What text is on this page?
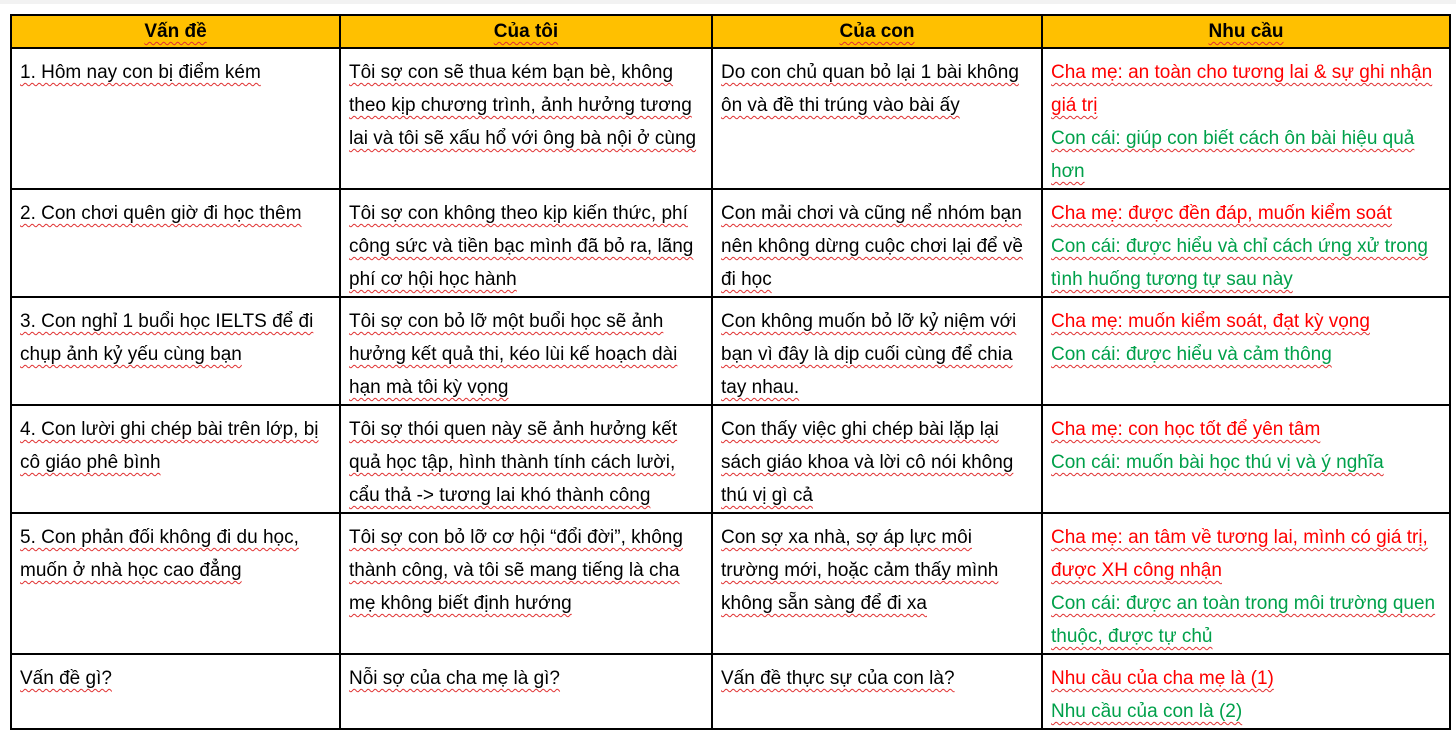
Vấn đề	Của tôi	Của con	Nhu cầu

1. Hôm nay con bị điểm kém	Tôi sợ con sẽ thua kém bạn bè, không theo kịp chương trình, ảnh hưởng tương lai và tôi sẽ xấu hổ với ông bà nội ở cùng	Do con chủ quan bỏ lại 1 bài không ôn và đề thi trúng vào bài ấy	Cha mẹ: an toàn cho tương lai & sự ghi nhận giá trị
Con cái: giúp con biết cách ôn bài hiệu quả hơn

2. Con chơi quên giờ đi học thêm	Tôi sợ con không theo kịp kiến thức, phí công sức và tiền bạc mình đã bỏ ra, lãng phí cơ hội học hành	Con mải chơi và cũng nể nhóm bạn nên không dừng cuộc chơi lại để về đi học	Cha mẹ: được đền đáp, muốn kiểm soát
Con cái: được hiểu và chỉ cách ứng xử trong tình huống tương tự sau này

3. Con nghỉ 1 buổi học IELTS để đi chụp ảnh kỷ yếu cùng bạn	Tôi sợ con bỏ lỡ một buổi học sẽ ảnh hưởng kết quả thi, kéo lùi kế hoạch dài hạn mà tôi kỳ vọng	Con không muốn bỏ lỡ kỷ niệm với bạn vì đây là dịp cuối cùng để chia tay nhau.	Cha mẹ: muốn kiểm soát, đạt kỳ vọng
Con cái: được hiểu và cảm thông

4. Con lười ghi chép bài trên lớp, bị cô giáo phê bình	Tôi sợ thói quen này sẽ ảnh hưởng kết quả học tập, hình thành tính cách lười, cẩu thả -> tương lai khó thành công	Con thấy việc ghi chép bài lặp lại sách giáo khoa và lời cô nói không thú vị gì cả	Cha mẹ: con học tốt để yên tâm
Con cái: muốn bài học thú vị và ý nghĩa

5. Con phản đối không đi du học, muốn ở nhà học cao đẳng	Tôi sợ con bỏ lỡ cơ hội “đổi đời”, không thành công, và tôi sẽ mang tiếng là cha mẹ không biết định hướng	Con sợ xa nhà, sợ áp lực môi trường mới, hoặc cảm thấy mình không sẵn sàng để đi xa	Cha mẹ: an tâm về tương lai, mình có giá trị, được XH công nhận
Con cái: được an toàn trong môi trường quen thuộc, được tự chủ

Vấn đề gì?	Nỗi sợ của cha mẹ là gì?	Vấn đề thực sự của con là?	Nhu cầu của cha mẹ là (1)
Nhu cầu của con là (2)
